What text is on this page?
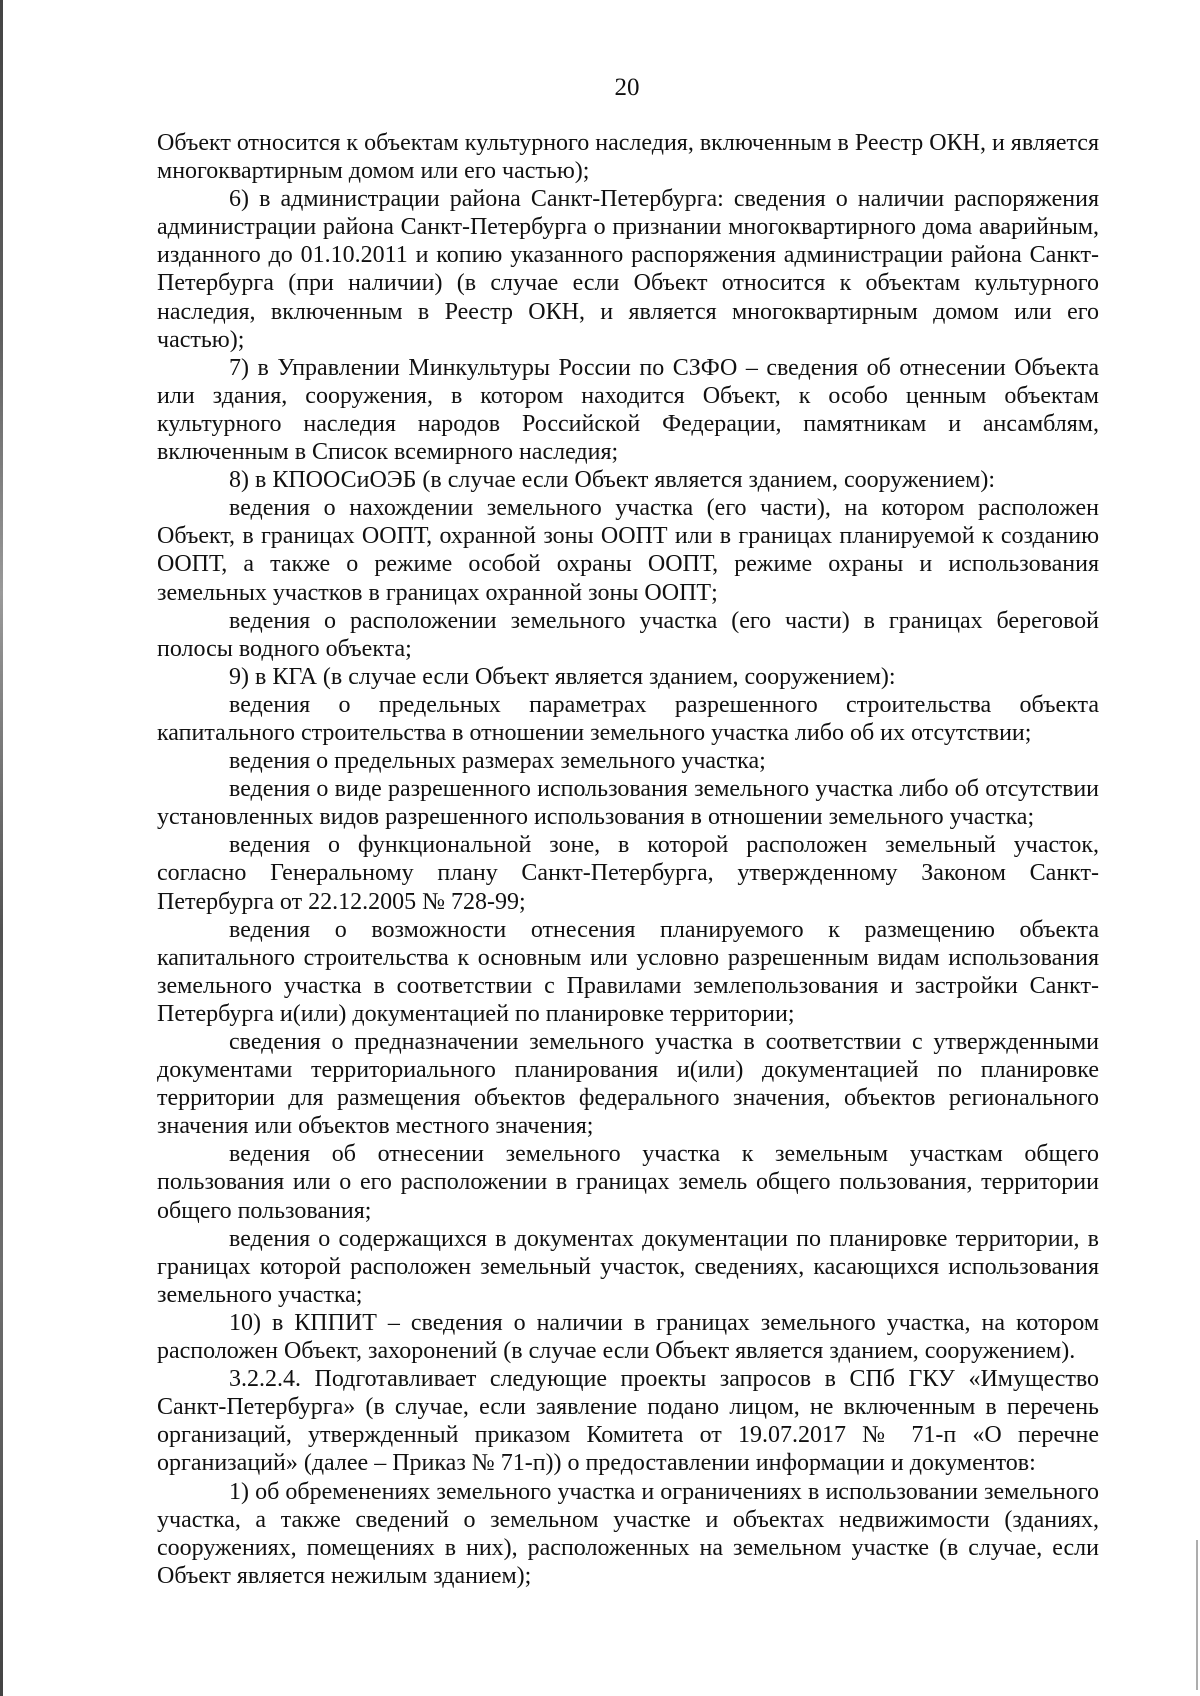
20

Объект относится к объектам культурного наследия, включенным в Реестр ОКН, и является многоквартирным домом или его частью);

6) в администрации района Санкт-Петербурга: сведения о наличии распоряжения администрации района Санкт-Петербурга о признании многоквартирного дома аварийным, изданного до 01.10.2011 и копию указанного распоряжения администрации района Санкт-Петербурга (при наличии) (в случае если Объект относится к объектам культурного наследия, включенным в Реестр ОКН, и является многоквартирным домом или его частью);

7) в Управлении Минкультуры России по СЗФО – сведения об отнесении Объекта или здания, сооружения, в котором находится Объект, к особо ценным объектам культурного наследия народов Российской Федерации, памятникам и ансамблям, включенным в Список всемирного наследия;

8) в КПООСиОЭБ (в случае если Объект является зданием, сооружением):

ведения о нахождении земельного участка (его части), на котором расположен Объект, в границах ООПТ, охранной зоны ООПТ или в границах планируемой к созданию ООПТ, а также о режиме особой охраны ООПТ, режиме охраны и использования земельных участков в границах охранной зоны ООПТ;

ведения о расположении земельного участка (его части) в границах береговой полосы водного объекта;

9) в КГА (в случае если Объект является зданием, сооружением):

ведения о предельных параметрах разрешенного строительства объекта капитального строительства в отношении земельного участка либо об их отсутствии;

ведения о предельных размерах земельного участка;

ведения о виде разрешенного использования земельного участка либо об отсутствии установленных видов разрешенного использования в отношении земельного участка;

ведения о функциональной зоне, в которой расположен земельный участок, согласно Генеральному плану Санкт-Петербурга, утвержденному Законом Санкт-Петербурга от 22.12.2005 № 728-99;

ведения о возможности отнесения планируемого к размещению объекта капитального строительства к основным или условно разрешенным видам использования земельного участка в соответствии с Правилами землепользования и застройки Санкт-Петербурга и(или) документацией по планировке территории;

сведения о предназначении земельного участка в соответствии с утвержденными документами территориального планирования и(или) документацией по планировке территории для размещения объектов федерального значения, объектов регионального значения или объектов местного значения;

ведения об отнесении земельного участка к земельным участкам общего пользования или о его расположении в границах земель общего пользования, территории общего пользования;

ведения о содержащихся в документах документации по планировке территории, в границах которой расположен земельный участок, сведениях, касающихся использования земельного участка;

10) в КППИТ – сведения о наличии в границах земельного участка, на котором расположен Объект, захоронений (в случае если Объект является зданием, сооружением).

3.2.2.4. Подготавливает следующие проекты запросов в СПб ГКУ «Имущество Санкт-Петербурга» (в случае, если заявление подано лицом, не включенным в перечень организаций, утвержденный приказом Комитета от 19.07.2017 № 71-п «О перечне организаций» (далее – Приказ № 71-п)) о предоставлении информации и документов:

1) об обременениях земельного участка и ограничениях в использовании земельного участка, а также сведений о земельном участке и объектах недвижимости (зданиях, сооружениях, помещениях в них), расположенных на земельном участке (в случае, если Объект является нежилым зданием);
